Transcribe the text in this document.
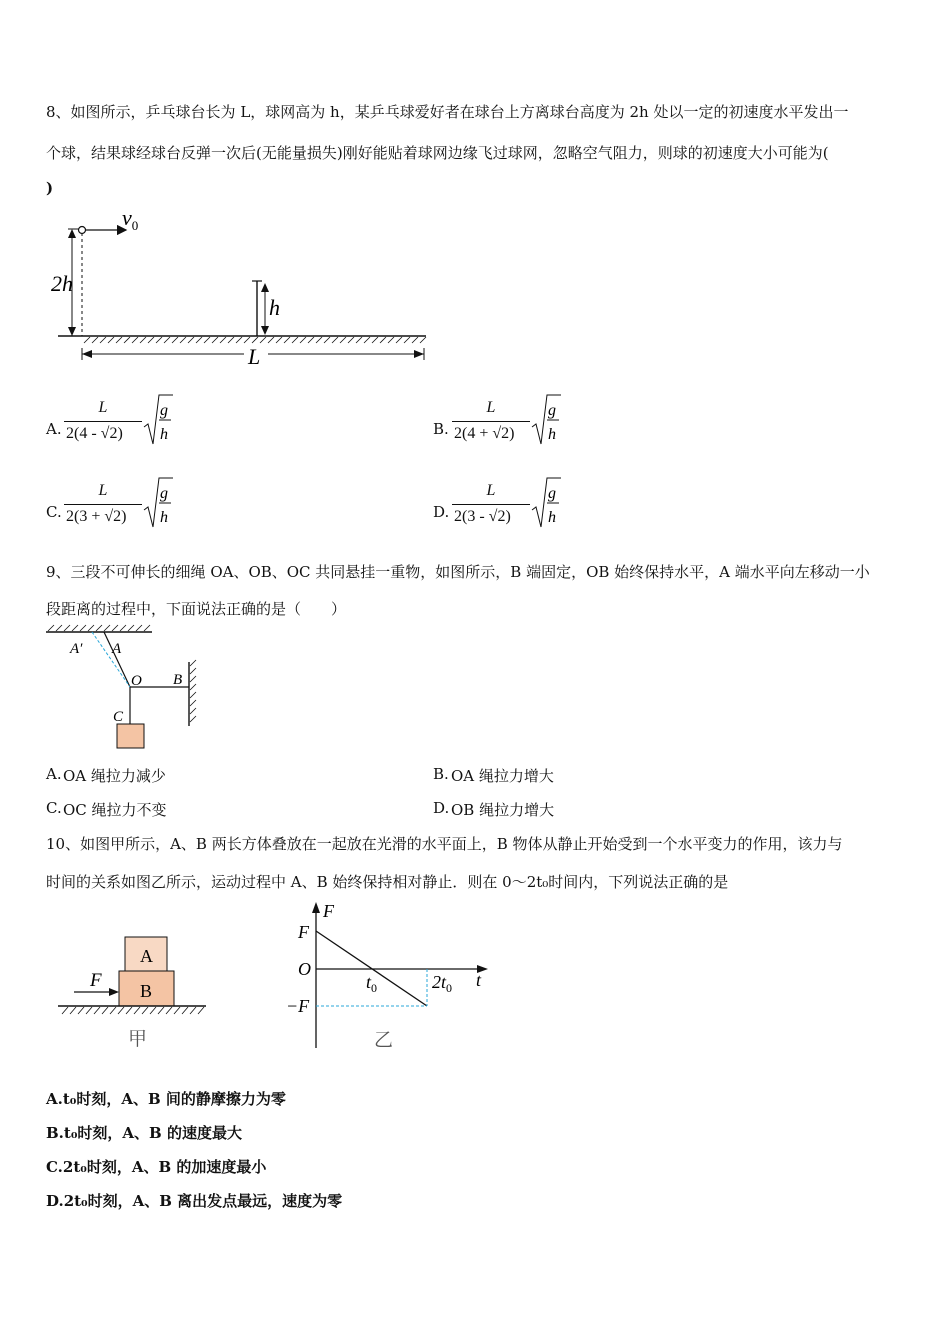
8、如图所示，乒乓球台长为 L，球网高为 h，某乒乓球爱好者在球台上方离球台高度为 2h 处以一定的初速度水平发出一
个球，结果球经球台反弹一次后(无能量损失)刚好能贴着球网边缘飞过球网，忽略空气阻力，则球的初速度大小可能为(
)
2h
$v_0$
h
L
A.
L
2(4 - √2)
g
h	B.
L
2(4 + √2)
g
h
C.
L
2(3 + √2)
g
h	D.
L
2(3 - √2)
g
h
9、三段不可伸长的细绳 OA、OB、OC 共同悬挂一重物，如图所示，B 端固定，OB 始终保持水平，A 端水平向左移动一小
段距离的过程中，下面说法正确的是（　　）
A′ A
O B
C
A. OA 绳拉力减少	B. OA 绳拉力增大
C. OC 绳拉力不变	D. OB 绳拉力增大
10、如图甲所示，A、B 两长方体叠放在一起放在光滑的水平面上，B 物体从静止开始受到一个水平变力的作用，该力与
时间的关系如图乙所示，运动过程中 A、B 始终保持相对静止．则在 0～2t₀时间内，下列说法正确的是
A
B
F
甲
F
F
O
−F
$t_0$	$2t_0$ t
乙
A.t₀时刻，A、B 间的静摩擦力为零
B.t₀时刻，A、B 的速度最大
C.2t₀时刻，A、B 的加速度最小
D.2t₀时刻，A、B 离出发点最远，速度为零
